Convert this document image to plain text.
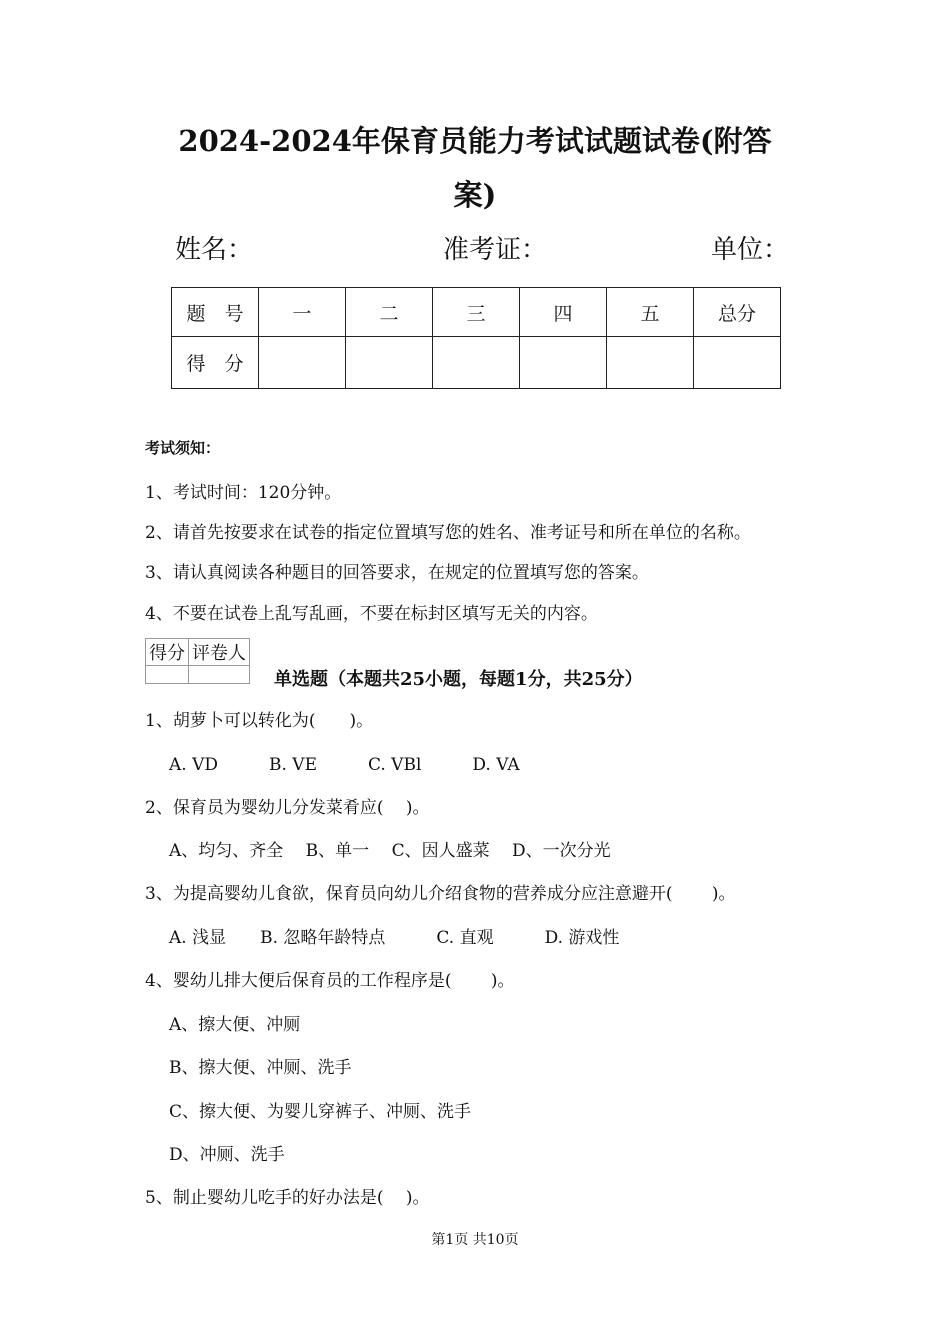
2024-2024年保育员能力考试试题试卷(附答
案)
姓名：	准考证：	单位：
题　号	一	二	三	四	五	总分
得　分						
考试须知：
1、考试时间：120分钟。
2、请首先按要求在试卷的指定位置填写您的姓名、准考证号和所在单位的名称。
3、请认真阅读各种题目的回答要求，在规定的位置填写您的答案。
4、不要在试卷上乱写乱画，不要在标封区填写无关的内容。
得分	评卷人

单选题（本题共25小题，每题1分，共25分）
1、胡萝卜可以转化为(　　)。
A. VD　　　B. VE　　　C. VBl　　　D. VA
2、保育员为婴幼儿分发菜肴应(　 )。
A、均匀、齐全　 B、单一　 C、因人盛菜　 D、一次分光
3、为提高婴幼儿食欲，保育员向幼儿介绍食物的营养成分应注意避开(　　 )。
A. 浅显　　B. 忽略年龄特点　　　C. 直观　　　D. 游戏性
4、婴幼儿排大便后保育员的工作程序是(　　 )。
A、擦大便、冲厕
B、擦大便、冲厕、洗手
C、擦大便、为婴儿穿裤子、冲厕、洗手
D、冲厕、洗手
5、制止婴幼儿吃手的好办法是(　 )。
第1页 共10页
